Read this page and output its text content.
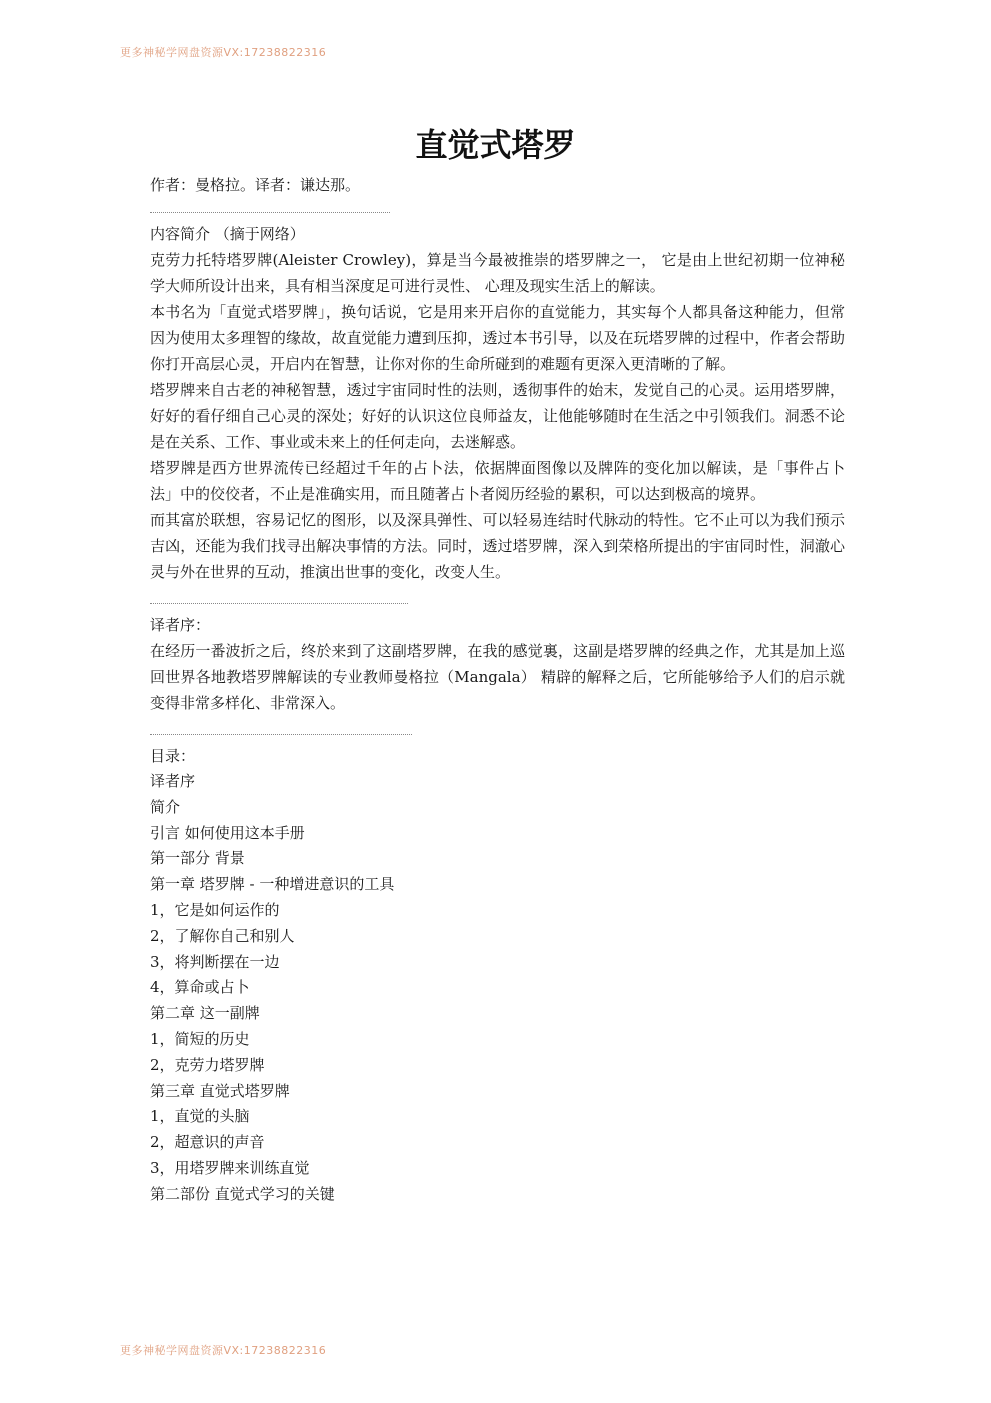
更多神秘学网盘资源VX:17238822316
直觉式塔罗

作者：曼格拉。译者：谦达那。

内容简介 （摘于网络）

克劳力托特塔罗牌(Aleister Crowley)，算是当今最被推崇的塔罗牌之一， 它是由上世纪初期一位神秘学大师所设计出来，具有相当深度足可进行灵性、 心理及现实生活上的解读。

本书名为「直觉式塔罗牌」，换句话说，它是用来开启你的直觉能力，其实每个人都具备这种能力，但常因为使用太多理智的缘故，故直觉能力遭到压抑，透过本书引导，以及在玩塔罗牌的过程中，作者会帮助你打开高层心灵，开启内在智慧，让你对你的生命所碰到的难题有更深入更清晰的了解。

塔罗牌来自古老的神秘智慧，透过宇宙同时性的法则，透彻事件的始末，发觉自己的心灵。运用塔罗牌，好好的看仔细自己心灵的深处；好好的认识这位良师益友，让他能够随时在生活之中引领我们。洞悉不论是在关系、工作、事业或未来上的任何走向，去迷解惑。

塔罗牌是西方世界流传已经超过千年的占卜法，依据牌面图像以及牌阵的变化加以解读，是「事件占卜法」中的佼佼者，不止是准确实用，而且随著占卜者阅历经验的累积，可以达到极高的境界。

而其富於联想，容易记忆的图形，以及深具弹性、可以轻易连结时代脉动的特性。它不止可以为我们预示吉凶，还能为我们找寻出解决事情的方法。同时，透过塔罗牌，深入到荣格所提出的宇宙同时性，洞澈心灵与外在世界的互动，推演出世事的变化，改变人生。

译者序：

在经历一番波折之后，终於来到了这副塔罗牌，在我的感觉裏，这副是塔罗牌的经典之作，尤其是加上巡回世界各地教塔罗牌解读的专业教师曼格拉（Mangala） 精辟的解释之后，它所能够给予人们的启示就变得非常多样化、非常深入。

目录：

译者序
简介
引言 如何使用这本手册
第一部分 背景
第一章 塔罗牌 - 一种增进意识的工具
1，它是如何运作的
2，了解你自己和别人
3，将判断摆在一边
4，算命或占卜
第二章 这一副牌
1，简短的历史
2，克劳力塔罗牌
第三章 直觉式塔罗牌
1，直觉的头脑
2，超意识的声音
3，用塔罗牌来训练直觉
第二部份 直觉式学习的关键
更多神秘学网盘资源VX:17238822316
